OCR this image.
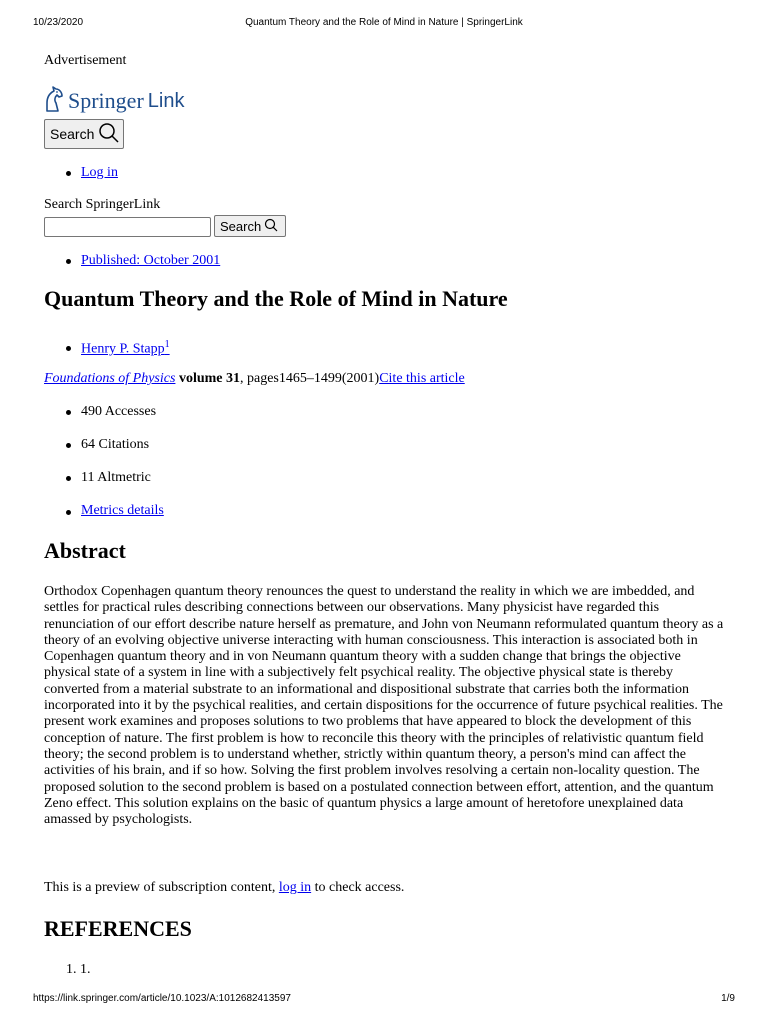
10/23/2020	Quantum Theory and the Role of Mind in Nature | SpringerLink
Advertisement
Springer Link
Search
Log in
Search SpringerLink
Search
Published: October 2001
Quantum Theory and the Role of Mind in Nature
Henry P. Stapp$^1$
Foundations of Physics volume 31, pages1465–1499(2001)Cite this article
490 Accesses
64 Citations
11 Altmetric
Metrics details
Abstract
Orthodox Copenhagen quantum theory renounces the quest to understand the reality in which we are imbedded, and settles for practical rules describing connections between our observations. Many physicist have regarded this renunciation of our effort describe nature herself as premature, and John von Neumann reformulated quantum theory as a theory of an evolving objective universe interacting with human consciousness. This interaction is associated both in Copenhagen quantum theory and in von Neumann quantum theory with a sudden change that brings the objective physical state of a system in line with a subjectively felt psychical reality. The objective physical state is thereby converted from a material substrate to an informational and dispositional substrate that carries both the information incorporated into it by the psychical realities, and certain dispositions for the occurrence of future psychical realities. The present work examines and proposes solutions to two problems that have appeared to block the development of this conception of nature. The first problem is how to reconcile this theory with the principles of relativistic quantum field theory; the second problem is to understand whether, strictly within quantum theory, a person's mind can affect the activities of his brain, and if so how. Solving the first problem involves resolving a certain non-locality question. The proposed solution to the second problem is based on a postulated connection between effort, attention, and the quantum Zeno effect. This solution explains on the basic of quantum physics a large amount of heretofore unexplained data amassed by psychologists.
This is a preview of subscription content, log in to check access.
REFERENCES
1. 1.
https://link.springer.com/article/10.1023/A:1012682413597	1/9
